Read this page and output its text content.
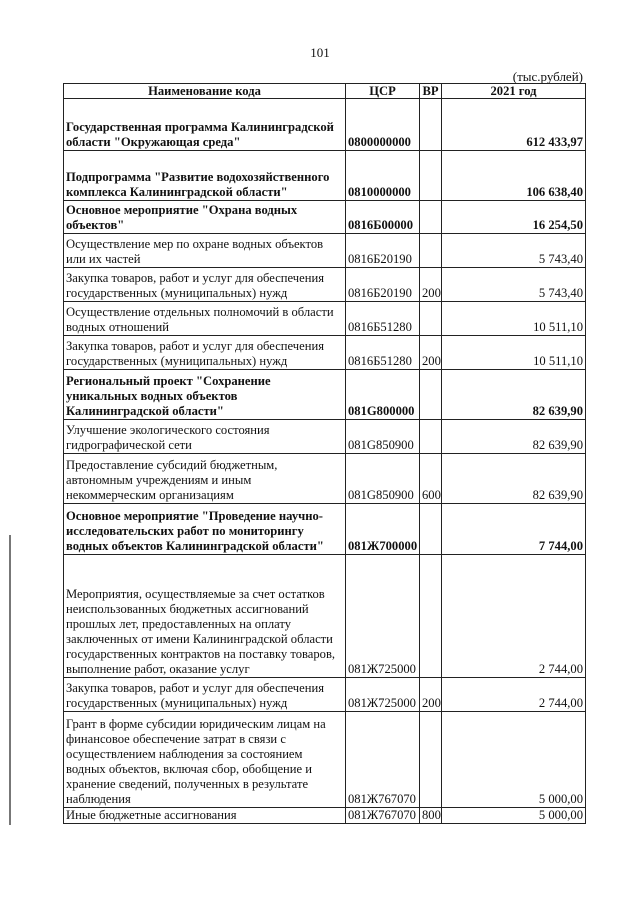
101
(тыс.рублей)
Наименование кода	ЦСР	ВР	2021 год
Государственная программа Калининградской области "Окружающая среда"	0800000000		612 433,97
Подпрограмма "Развитие водохозяйственного комплекса Калининградской области"	0810000000		106 638,40
Основное мероприятие "Охрана водных объектов"	0816Б00000		16 254,50
Осуществление мер по охране водных объектов или их частей	0816Б20190		5 743,40
Закупка товаров, работ и услуг для обеспечения государственных (муниципальных) нужд	0816Б20190	200	5 743,40
Осуществление отдельных полномочий в области водных отношений	0816Б51280		10 511,10
Закупка товаров, работ и услуг для обеспечения государственных (муниципальных) нужд	0816Б51280	200	10 511,10
Региональный проект "Сохранение уникальных водных объектов Калининградской области"	081G800000		82 639,90
Улучшение экологического состояния гидрографической сети	081G850900		82 639,90
Предоставление субсидий бюджетным, автономным учреждениям и иным некоммерческим организациям	081G850900	600	82 639,90
Основное мероприятие "Проведение научно-исследовательских работ по мониторингу водных объектов Калининградской области"	081Ж700000		7 744,00
Мероприятия, осуществляемые за счет остатков неиспользованных бюджетных ассигнований прошлых лет, предоставленных на оплату заключенных от имени Калининградской области государственных контрактов на поставку товаров, выполнение работ, оказание услуг	081Ж725000		2 744,00
Закупка товаров, работ и услуг для обеспечения государственных (муниципальных) нужд	081Ж725000	200	2 744,00
Грант в форме субсидии юридическим лицам на финансовое обеспечение затрат в связи с осуществлением наблюдения за состоянием водных объектов, включая сбор, обобщение и хранение сведений, полученных в результате наблюдения	081Ж767070		5 000,00
Иные бюджетные ассигнования	081Ж767070	800	5 000,00
